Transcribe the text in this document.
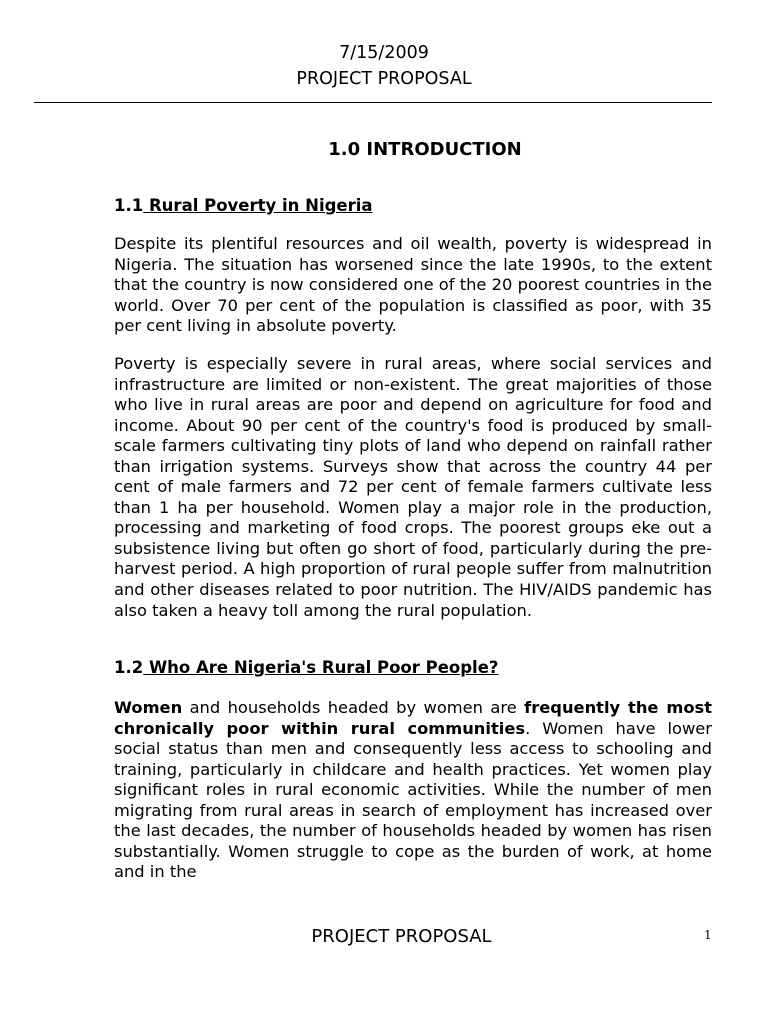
7/15/2009
PROJECT PROPOSAL
1.0 INTRODUCTION
1.1 Rural Poverty in Nigeria

Despite its plentiful resources and oil wealth, poverty is widespread in Nigeria. The situation has worsened since the late 1990s, to the extent that the country is now considered one of the 20 poorest countries in the world. Over 70 per cent of the population is classified as poor, with 35 per cent living in absolute poverty.

Poverty is especially severe in rural areas, where social services and infrastructure are limited or non-existent. The great majorities of those who live in rural areas are poor and depend on agriculture for food and income. About 90 per cent of the country's food is produced by small-scale farmers cultivating tiny plots of land who depend on rainfall rather than irrigation systems. Surveys show that across the country 44 per cent of male farmers and 72 per cent of female farmers cultivate less than 1 ha per household. Women play a major role in the production, processing and marketing of food crops. The poorest groups eke out a subsistence living but often go short of food, particularly during the pre-harvest period. A high proportion of rural people suffer from malnutrition and other diseases related to poor nutrition. The HIV/AIDS pandemic has also taken a heavy toll among the rural population.

1.2 Who Are Nigeria's Rural Poor People?

Women and households headed by women are frequently the most chronically poor within rural communities. Women have lower social status than men and consequently less access to schooling and training, particularly in childcare and health practices. Yet women play significant roles in rural economic activities. While the number of men migrating from rural areas in search of employment has increased over the last decades, the number of households headed by women has risen substantially. Women struggle to cope as the burden of work, at home and in the

PROJECT PROPOSAL	1
